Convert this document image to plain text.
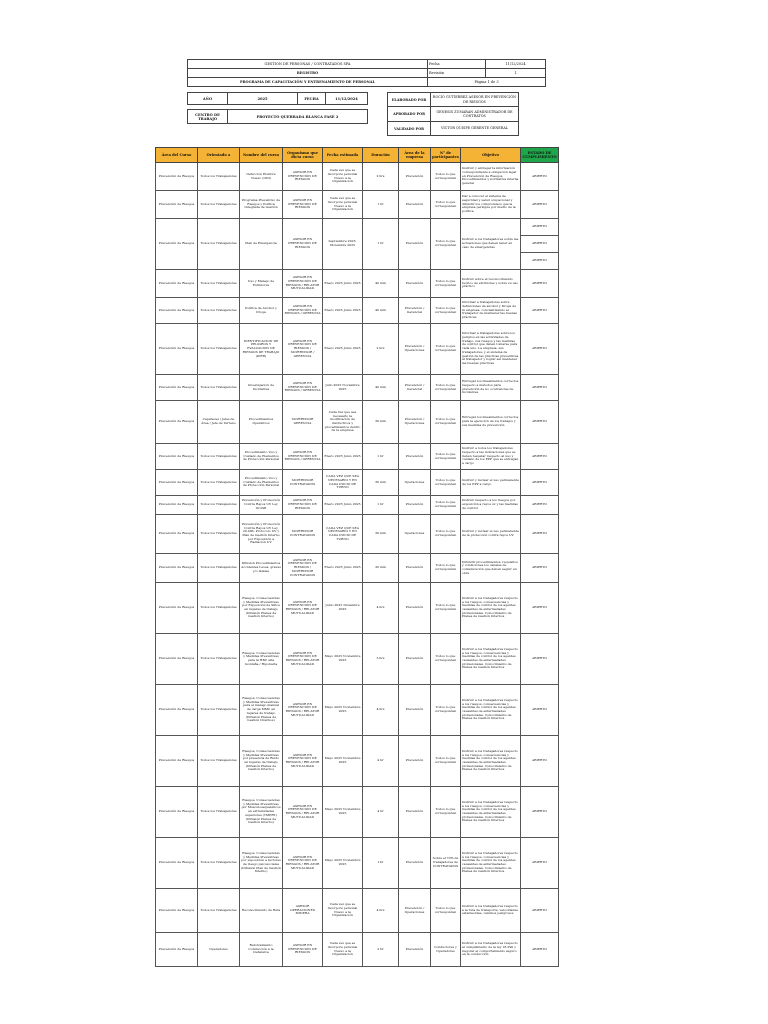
GESTION DE PERSONAS / CONTRATADOS SPA	Fecha	11/12/2024
REGISTRO	Revisión	1
PROGRAMA DE CAPACITACIÓN Y ENTRENAMIENTO DE PERSONAL	Página 1 de 3	
AÑO	2025	FECHA	11/12/2024

CENTRO DE TRABAJO	PROYECTO QUEBRADA BLANCA FASE 2		
ELABORADO POR	ROCIO GUTIERREZ ASESOR EN PREVENCIÓN DE RIESGOS
APROBADO POR	GENESIS ZUMARAN ADMINISTRADOR DE CONTRATOS
VALIDADO POR	VICTOR QUISPE GERENTE GENERAL
Área del Curso	Orientado a	Nombre del curso	Organismo que dicta curso	Fecha estimada	Duración	Área de la empresa	N° de participantes	Objetivo	ESTADO DE CUMPLIMIENTO
Prevención de Riesgos	Todos los Trabajadores	Inducción Hombre Nuevo (ODI)	ASESOR EN PREVENCIÓN DE RIESGOS	Cada vez que se incorpore personal Nuevo a la Organización	2 hrs	Prevención	Todos lo que corresponden	Instruir y entregar la información correspondiente a obligación legal en Prevención de Riesgos, Procedimientos y normativa interna general	ABIERTO

Prevención de Riesgos	Todos los Trabajadores	Programa Preventivo de Riesgos y Política Integrada de Gestión	ASESOR EN PREVENCIÓN DE RIESGOS	Cada vez que se incorpore personal Nuevo a la Organización	1 hr	Prevención	Todos lo que corresponden	Dar a conocer el sistema de seguridad y salud ocupacional y difundir los compromisos que la empresa persigue por medio de la política	ABIERTO

Prevención de Riesgos	Todos los Trabajadores	Plan de Emergencia	ASESOR EN PREVENCIÓN DE RIESGOS	Septiembre 2025, Diciembre 2025	1 hr	Prevención	Todos lo que corresponden	Instruir a los trabajadores sobre las actuaciones que deben tener en caso de emergencias	ABIERTO
ABIERTO
ABIERTO

Prevención de Riesgos	Todos los Trabajadores	Uso y Manejo de Extintores	ASESOR EN PREVENCIÓN DE RIESGOS / RELATOR MUTUALIDAD	Enero 2025 Junio 2025	40 min	Prevención	Todos lo que corresponden	Instruir sobre el reconocimiento teórico de extintores y sobre su uso práctico	ABIERTO

Prevención de Riesgos	Todos los Trabajadores	Política de Alcohol y Droga	ASESOR EN PREVENCIÓN DE RIESGOS / GERENCIA	Enero 2025 Junio 2025	40 min	Prevención / Gerencial	Todos lo que corresponden	Informar a trabajadores sobre definiciones de alcohol y Droga de la empresa, concientizando al trabajador de mantener las buenas prácticas	ABIERTO

Prevención de Riesgos	Todos los Trabajadores	IDENTIFICACION DE PELIGROS Y EVALUACION DE RIESGOS DE TRABAJO (IPER)	ASESOR EN PREVENCIÓN DE RIESGOS / SUPERVISOR / GERENCIA	Enero 2025 Junio 2025	2 hrs	Prevención / Operaciones	Todos lo que corresponden	Informar a trabajadores sobre los peligros en las actividades de trabajo, sus riesgos y las medidas de control que deben tomarse para cada uno. La empresa, sus trabajadores, y el sistema de gestión de las prácticas preventivas al trabajador y lograr así mantener las buenas prácticas	ABIERTO

Prevención de Riesgos	Todos los Trabajadores	Investigación de Incidentes	ASESOR EN PREVENCIÓN DE RIESGOS / GERENCIA	Julio 2025 Noviembre 2025	40 min	Prevención / Gerencial	Todos lo que corresponden	Entregar los lineamientos correctos respecto a métodos para prevención de no ocurrencias de incidentes	ABIERTO

Prevención de Riesgos	Capataces / Jefes de Área / Jefe de Terreno	Procedimientos Operativos	SUPERVISOR GERENCIA	Cada Vez que sea necesario la modificación de instructivos y procedimientos dentro de la empresa	30 min	Prevención / Operaciones	Todos lo que corresponden	Entregar los lineamientos correctos para la ejecución de los trabajos y sus medidas de prevención	ABIERTO

Prevención de Riesgos	Todos los Trabajadores	Procedimiento Uso y Cuidado de Elementos de Protección Personal	ASESOR EN PREVENCIÓN DE RIESGOS / GERENCIA	Enero 2025 Junio 2025	1 hr	Prevención	Todos lo que corresponden	Instruir a todos los trabajadores respecto a las indicaciones que se deben respetar respecto al uso y cuidado de los EPP que se entregan a cargo	ABIERTO

Prevención de Riesgos	Todos los Trabajadores	Procedimiento Uso y Cuidado de Elementos de Protección Personal	SUPERVISOR CONTRATADOS	CADA VEZ QUE SEA NECESARIO Y EN CADA INICIO DE TURNO	30 min	Operaciones	Todos lo que corresponden	Instruir y revisar el uso permanente de los EPP a cargo	ABIERTO

Prevención de Riesgos	Todos los Trabajadores	Prevención y Protección Contra Rayos UV Ley 20.096	ASESOR EN PREVENCIÓN DE RIESGOS	Enero 2025 Junio 2025	1 hr	Prevención	Todos lo que corresponden	Instruir respecto a los riesgos por exposición a rayos uv y las medidas de control	ABIERTO

Prevención de Riesgos	Todos los Trabajadores	Prevención y Protección Contra Rayos UV Ley 20.096, Protocolo UV y Plan de Gestión Interno por Exposición a Radiación UV	SUPERVISOR CONTRATADOS	CADA VEZ QUE SEA NECESARIO Y EN CADA INICIO DE TURNO	30 min	Operaciones	Todos lo que corresponden	Instruir y revisar el uso permanente de la protección contra rayos UV	ABIERTO

Prevención de Riesgos	Todos los Trabajadores	Difusión Procedimientos Accidentes Leves, graves y/o fatales	ASESOR EN PREVENCIÓN DE RIESGOS / SUPERVISOR CONTRATADOS	Enero 2025 Junio 2025	30 min	Prevención	Todos lo que corresponden	Difundir procedimientos, requisitos y condiciones los canales de comunicación que deben seguir en obra	ABIERTO

Prevención de Riesgos	Todos los Trabajadores	Riesgos, Consecuencias y Medidas Preventivas por Exposición de Sílice en lugares de trabajo (Difusión Planes de Gestión Interno)	ASESOR EN PREVENCIÓN DE RIESGOS / RELATOR MUTUALIDAD	Junio 2025 Diciembre 2025	4 hrs	Prevención	Todos lo que corresponden	Instruir a los trabajadores respecto a los riesgos, consecuencias y medidas de control de los agentes causantes de enfermedades profesionales. Conocimiento de Planes de Gestión Internos	ABIERTO

Prevención de Riesgos	Todos los Trabajadores	Riesgos, Consecuencias y Medidas Preventivas para la HBC alta montaña / Hipobaria	ASESOR EN PREVENCIÓN DE RIESGOS / RELATOR MUTUALIDAD	Mayo 2025 Noviembre 2025	3 hrs	Prevención	Todos lo que corresponden	Instruir a los trabajadores respecto a los riesgos, consecuencias y medidas de control de los agentes causantes de enfermedades profesionales. Conocimiento de Planes de Gestión Internos	ABIERTO

Prevención de Riesgos	Todos los Trabajadores	Riesgos, Consecuencias y Medidas Preventivas para el manejo manual de carga MMC en lugares de trabajo (Difusión Planes de Gestión Internos)	ASESOR EN PREVENCIÓN DE RIESGOS / RELATOR MUTUALIDAD	Mayo 2025 Noviembre 2025	4 hrs	Prevención	Todos lo que corresponden	Instruir a los trabajadores respecto a los riesgos, consecuencias y medidas de control de los agentes causantes de enfermedades profesionales. Conocimiento de Planes de Gestión Internos	ABIERTO

Prevención de Riesgos	Todos los Trabajadores	Riesgos, Consecuencias y Medidas Preventivas por presencia de Ruido en lugares de trabajo (Difusión Planes de Gestión Interno)	ASESOR EN PREVENCIÓN DE RIESGOS / RELATOR MUTUALIDAD	Mayo 2025 Noviembre 2025	4 hr	Prevención	Todos lo que corresponden	Instruir a los trabajadores respecto a los riesgos, consecuencias y medidas de control de los agentes causantes de enfermedades profesionales. Conocimiento de Planes de Gestión Internos	ABIERTO

Prevención de Riesgos	Todos los Trabajadores	Riesgos, Consecuencias y Medidas Preventivas por Musculoesqueléticos en extremidades superiores (TMERT) (Difusión Planes de Gestión Interno)	ASESOR EN PREVENCIÓN DE RIESGOS / RELATOR MUTUALIDAD	Mayo 2025 Noviembre 2025	4 hr	Prevención	Todos lo que corresponden	Instruir a los trabajadores respecto a los riesgos, consecuencias y medidas de control de los agentes causantes de enfermedades profesionales. Conocimiento de Planes de Gestión Internos	ABIERTO

Prevención de Riesgos	Todos los Trabajadores	Riesgos, Consecuencias y Medidas Preventivas por exposición a factores de riesgo psicosociales (Difusión Plan de Gestión Interno)	ASESOR EN PREVENCIÓN DE RIESGOS / RELATOR MUTUALIDAD	Mayo 2025 Noviembre 2025	1hr	Prevención	Sobre el 70% de trabajadores de CONTRATADOS	Instruir a los trabajadores respecto a los riesgos, consecuencias y medidas de control de los agentes causantes de enfermedades profesionales. Conocimiento de Planes de Gestión Internos	ABIERTO

Prevención de Riesgos	Todos los Trabajadores	Reconocimiento de Ruta	ASESOR OPERACIONES MINERA	Cada vez que se incorpore personal Nuevo a la Organización	4 hrs	Prevención / Operaciones	Todos lo que corresponden	Instruir a los trabajadores respecto a la ruta de transporte, velocidades establecidas, caminos peligrosos	ABIERTO

Prevención de Riesgos	Operadores	Reforzamiento Conducción a la Defensiva	ASESOR EN PREVENCIÓN DE RIESGOS	Cada vez que se incorpore personal Nuevo a la Organización	2 hr	Prevención	Conductores y Operadores	Instruir a los trabajadores respecto al cumplimiento de la ley 18.290 y mejorar el comportamiento seguro en la conducción	ABIERTO
